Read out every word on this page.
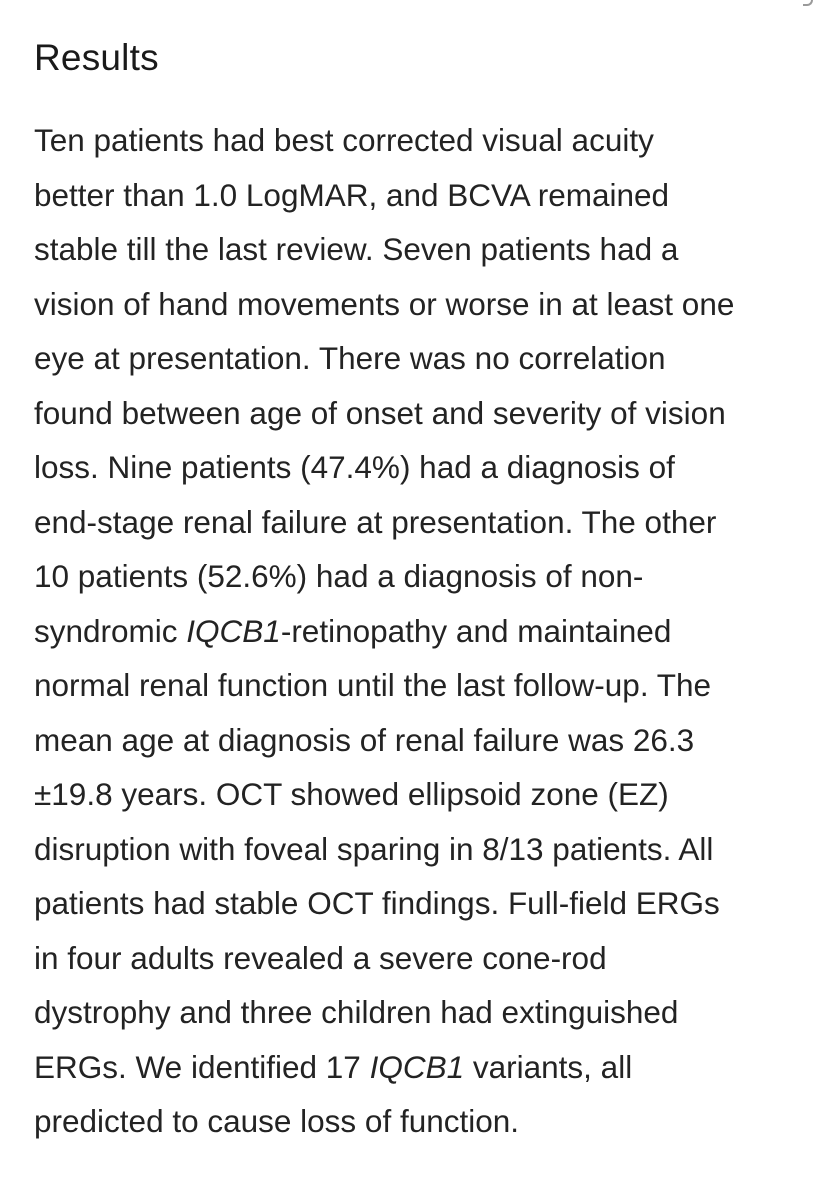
Results

Ten patients had best corrected visual acuity
better than 1.0 LogMAR, and BCVA remained
stable till the last review. Seven patients had a
vision of hand movements or worse in at least one
eye at presentation. There was no correlation
found between age of onset and severity of vision
loss. Nine patients (47.4%) had a diagnosis of
end-stage renal failure at presentation. The other
10 patients (52.6%) had a diagnosis of non-
syndromic IQCB1-retinopathy and maintained
normal renal function until the last follow-up. The
mean age at diagnosis of renal failure was 26.3
±19.8 years. OCT showed ellipsoid zone (EZ)
disruption with foveal sparing in 8/13 patients. All
patients had stable OCT findings. Full-field ERGs
in four adults revealed a severe cone-rod
dystrophy and three children had extinguished
ERGs. We identified 17 IQCB1 variants, all
predicted to cause loss of function.
